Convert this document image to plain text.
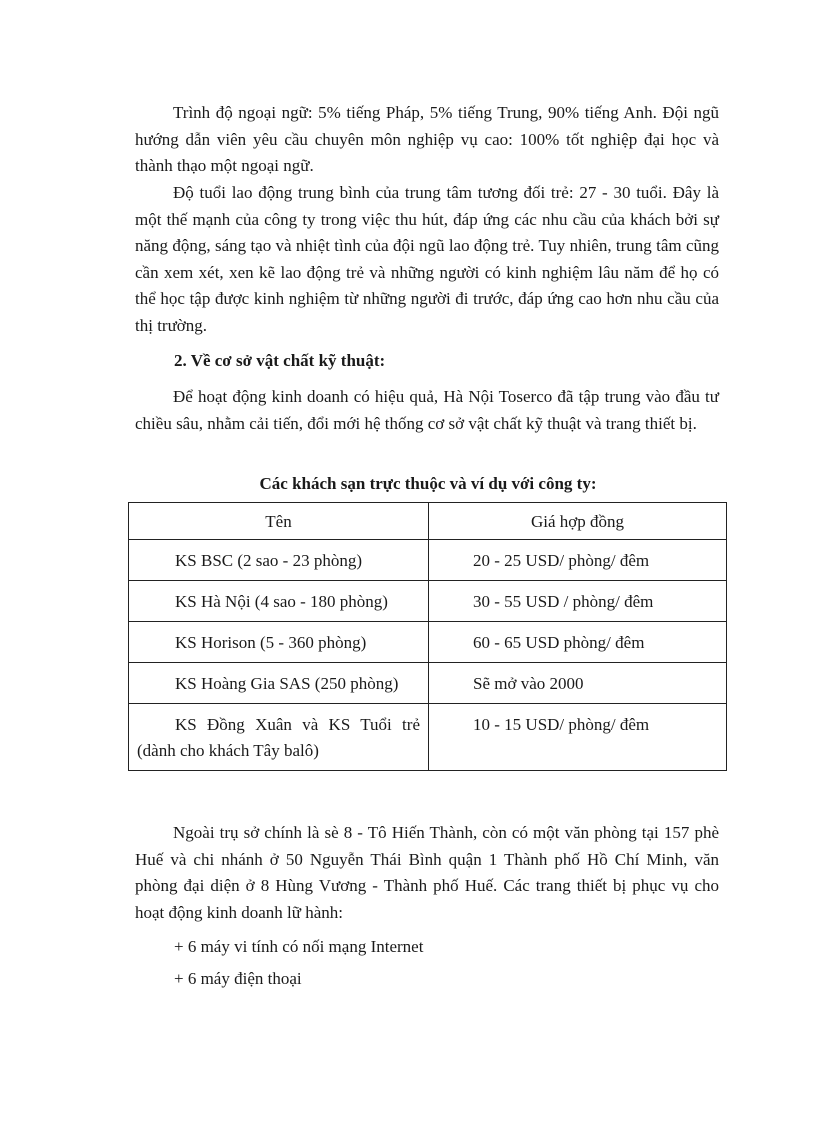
Trình độ ngoại ngữ: 5% tiếng Pháp, 5% tiếng Trung, 90% tiếng Anh. Đội ngũ hướng dẫn viên yêu cầu chuyên môn nghiệp vụ cao: 100% tốt nghiệp đại học và thành thạo một ngoại ngữ.

Độ tuổi lao động trung bình của trung tâm tương đối trẻ: 27 - 30 tuổi. Đây là một thế mạnh của công ty trong việc thu hút, đáp ứng các nhu cầu của khách bởi sự năng động, sáng tạo và nhiệt tình của đội ngũ lao động trẻ. Tuy nhiên, trung tâm cũng cần xem xét, xen kẽ lao động trẻ và những người có kinh nghiệm lâu năm để họ có thể học tập được kinh nghiệm từ những người đi trước, đáp ứng cao hơn nhu cầu của thị trường.

2. Về cơ sở vật chất kỹ thuật:

Để hoạt động kinh doanh có hiệu quả, Hà Nội Toserco đã tập trung vào đầu tư chiều sâu, nhằm cải tiến, đổi mới hệ thống cơ sở vật chất kỹ thuật và trang thiết bị.

Các khách sạn trực thuộc và ví dụ với công ty:

Tên	Giá hợp đồng
KS BSC (2 sao - 23 phòng)	20 - 25 USD/ phòng/ đêm
KS Hà Nội (4 sao - 180 phòng)	30 - 55 USD / phòng/ đêm
KS Horison (5 - 360 phòng)	60 - 65 USD phòng/ đêm
KS Hoàng Gia SAS (250 phòng)	Sẽ mở vào 2000
KS Đồng Xuân và KS Tuổi trẻ (dành cho khách Tây balô)	10 - 15 USD/ phòng/ đêm

Ngoài trụ sở chính là sè 8 - Tô Hiến Thành, còn có một văn phòng tại 157 phè Huế và chi nhánh ở 50 Nguyễn Thái Bình quận 1 Thành phố Hồ Chí Minh, văn phòng đại diện ở 8 Hùng Vương - Thành phố Huế. Các trang thiết bị phục vụ cho hoạt động kinh doanh lữ hành:

+ 6 máy vi tính có nối mạng Internet

+ 6 máy điện thoại
